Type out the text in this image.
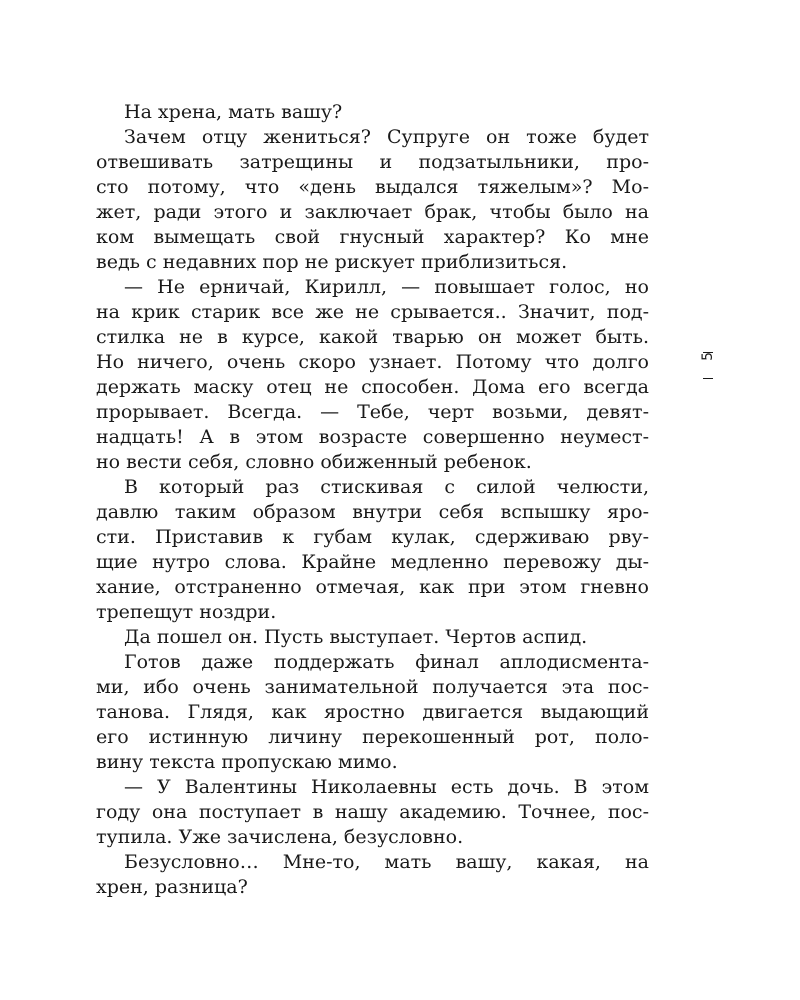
На хрена, мать вашу?
Зачем отцу жениться? Супруге он тоже будет
отвешивать затрещины и подзатыльники, про-
сто потому, что «день выдался тяжелым»? Мо-
жет, ради этого и заключает брак, чтобы было на
ком вымещать свой гнусный характер? Ко мне
ведь с недавних пор не рискует приблизиться.
— Не ерничай, Кирилл, — повышает голос, но
на крик старик все же не срывается.. Значит, под-
стилка не в курсе, какой тварью он может быть.
Но ничего, очень скоро узнает. Потому что долго
держать маску отец не способен. Дома его всегда
прорывает. Всегда. — Тебе, черт возьми, девят-
надцать! А в этом возрасте совершенно неумест-
но вести себя, словно обиженный ребенок.
В который раз стискивая с силой челюсти,
давлю таким образом внутри себя вспышку яро-
сти. Приставив к губам кулак, сдерживаю рву-
щие нутро слова. Крайне медленно перевожу ды-
хание, отстраненно отмечая, как при этом гневно
трепещут ноздри.
Да пошел он. Пусть выступает. Чертов аспид.
Готов даже поддержать финал аплодисмента-
ми, ибо очень занимательной получается эта пос-
танова. Глядя, как яростно двигается выдающий
его истинную личину перекошенный рот, поло-
вину текста пропускаю мимо.
— У Валентины Николаевны есть дочь. В этом
году она поступает в нашу академию. Точнее, пос-
тупила. Уже зачислена, безусловно.
Безусловно… Мне-то, мать вашу, какая, на
хрен, разница?
5
